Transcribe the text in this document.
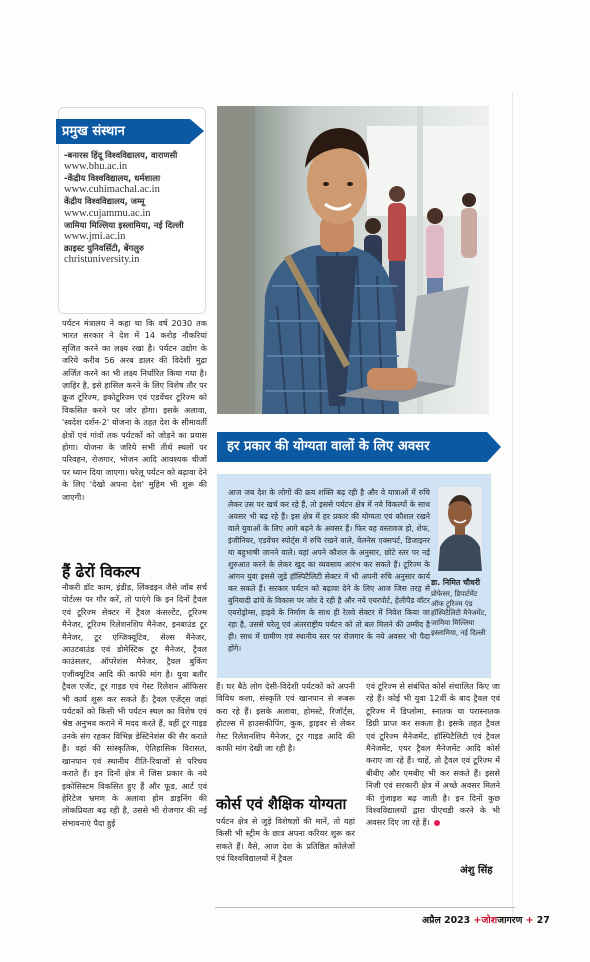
प्रमुख संस्थान
-बनारस हिंदू विश्वविद्यालय, वाराणसी
www.bhu.ac.in
-केंद्रीय विश्वविद्यालय, धर्मशाला
www.cuhimachal.ac.in
केंद्रीय विश्वविद्यालय, जम्मू
www.cujammu.ac.in
जामिया मिल्लिया इस्लामिया, नई दिल्ली
www.jmi.ac.in
क्राइस्ट युनिवर्सिटी, बेंगलुरु
christuniversity.in
पर्यटन मंत्रालय ने कहा था कि वर्ष 2030 तक भारत सरकार ने देश में 14 करोड़ नौकरियां सृजित करने का लक्ष्य रखा है। पर्यटन उद्योग के जरिये करीब 56 अरब डालर की विदेशी मुद्रा अर्जित करने का भी लक्ष्य निर्धारित किया गया है। ज़ाहिर है, इसे हासिल करने के लिए विशेष तौर पर क्रूज टूरिज्म, इकोटूरिज्म एवं एडवेंचर टूरिज्म को विकसित करने पर जोर होगा। इसके अलावा, 'स्वदेश दर्शन-2' योजना के तहत देश के सीमावर्ती क्षेत्रों एवं गांवों तक पर्यटकों को जोड़ने का प्रयास होगा। योजना के जरिये सभी तीर्थ स्थलों पर परिवहन, रोजगार, भोजन आदि आवश्यक चीजों पर ध्यान दिया जाएगा। घरेलू पर्यटन को बढ़ावा देने के लिए 'देखो अपना देश' मुहिम भी शुरू की जाएगी।
हर प्रकार की योग्यता वालों के लिए अवसर
आज जब देश के लोगों की क्रय शक्ति बढ़ रही है और वे यात्राओं में रुचि लेकर उस पर खर्च कर रहे हैं, तो इससे पर्यटन क्षेत्र में नये विकल्पों के साथ अवसर भी बढ़ रहे हैं। इस क्षेत्र में हर प्रकार की योग्यता एवं कौशल रखने वाले युवाओं के लिए आगे बढ़ने के अवसर हैं। फिर वह वस्तावज हो, शेफ, इंजीनियर, एडवेंचर स्पोर्ट्स में रुचि रखने वाले, वेलनेस एक्सपर्ट, डिजाइनर या बहुभाषी जानने वाले। यहां अपने कौशल के अनुसार, छोटे स्तर पर नई शुरुआत करने के लेकर खुद का व्यवसाय आरंभ कर सकते हैं। टूरिज्म के आंगन युवा इससे जुड़े हॉस्पिटैलिटी सेक्टर में भी अपनी रुचि अनुसार कार्य कर सकते हैं। सरकार पर्यटन को बढ़ावा देने के लिए आज जिस तरह से बुनियादी ढांचे के विकास पर जोर दे रही है और नये एयरपोर्ट, हेलीपैड वॉटर एयरोड्रोम्स, हाइवे के निर्माण के साथ ही रेलवे सेक्टर में निवेश किया जा रहा है, उससे घरेलू एवं अंतरराष्ट्रीय पर्यटन को तो बल मिलने की उम्मीद है ही। साथ में ग्रामीण एवं स्थानीय स्तर पर रोजगार के नये अवसर भी पैदा होंगे।
डा. निमित चौधरी
प्रोफेसर, डिपार्टमेंट ऑफ टूरिज्म एंड हॉस्पिटैलिटी मैनेजमेंट, जामिया मिल्लिया इस्लामिया, नई दिल्ली
हैं ढेरों विकल्प
नौकरी डॉट काम, इंडीड, लिंक्डइन जैसे जॉब सर्च पोर्टल्स पर गौर करें, तो पाएंगे कि इन दिनों ट्रैवल एवं टूरिज्म सेक्टर में ट्रैवल कंसल्टेंट, टूरिज्म मैनेजर, टूरिज्म रिलेशनशिप मैनेजर, इनबाउंड टूर मैनेजर, टूर एग्जिक्यूटिव, सेल्स मैनेजर, आउटबाउंड एवं डोमेस्टिक टूर मैनेजर, ट्रैवल काउंसलर, ऑपरेशंस मैनेजर, ट्रैवल बुकिंग एजीक्यूटिव आदि की काफी मांग है। युवा बतौर ट्रैवल एजेंट, टूर गाइड एवं गेस्ट रिलेशन ऑफिसर भी कार्य शुरू कर सकते हैं। ट्रैवल एजेंट्स जहां पर्यटकों को किसी भी पर्यटन स्थल का विशेष एवं श्रेष्ठ अनुभव कराने में मदद करते हैं, वहीं टूर गाइड उनके संग रहकर विभिन्न डेस्टिनेशंस की सैर कराते हैं। वहां की सांस्कृतिक, ऐतिहासिक विरासत, खानपान एवं स्थानीय रीति-रिवाजों से परिचय कराते हैं। इन दिनों क्षेत्र में जिस प्रकार के नये इकोसिस्टम विकसित हुए हैं और फूड, आर्ट एवं हेरिटेज भ्रमण के अलावा होम डाइनिंग की लोकप्रियता बढ़ रही है, उससे भी रोजगार की नई संभावनाएं पैदा हुई
हैं। घर बैठे लोग देसी-विदेशी पर्यटकों को अपनी विविध कला, संस्कृति एवं खानपान से रूबरू करा रहे हैं। इसके अलावा, होमस्टे, रिजॉर्ट्स, होटल्स में हाउसकीपिंग, कुक, ड्राइवर से लेकर गेस्ट रिलेशनशिप मैनेजर, टूर गाइड आदि की काफी मांग देखी जा रही है।
कोर्स एवं शैक्षिक योग्यता
पर्यटन क्षेत्र से जुड़े विशेषज्ञों की मानें, तो यहां किसी भी स्ट्रीम के छात्र अपना करियर शुरू कर सकते हैं। वैसे, आज देश के प्रतिष्ठित कॉलेजों एवं विश्वविद्यालयों में ट्रैवल
एवं टूरिज्म से संबंधित कोर्स संचालित किए जा रहे हैं। कोई भी युवा 12वीं के बाद ट्रैवल एवं टूरिज्म में डिप्लोमा, स्नातक या परास्नातक डिग्री प्राप्त कर सकता है। इसके तहत ट्रैवल एवं टूरिज्म मैनेजमेंट, हॉस्पिटैलिटी एवं ट्रैवल मैनेजमेंट, एयर ट्रैवल मैनेजमेंट आदि कोर्स कराए जा रहे हैं। चाहें, तो ट्रैवल एवं टूरिज्म में बीबीए और एमबीए भी कर सकते हैं। इससे निजी एवं सरकारी क्षेत्र में अच्छे अवसर मिलने की गुंजाइश बढ़ जाती है। इन दिनों कुछ विश्वविद्यालयों द्वारा पीएचडी करने के भी अवसर दिए जा रहे हैं।
अंशु सिंह
अप्रैल 2023 +जोशजागरण + 27
